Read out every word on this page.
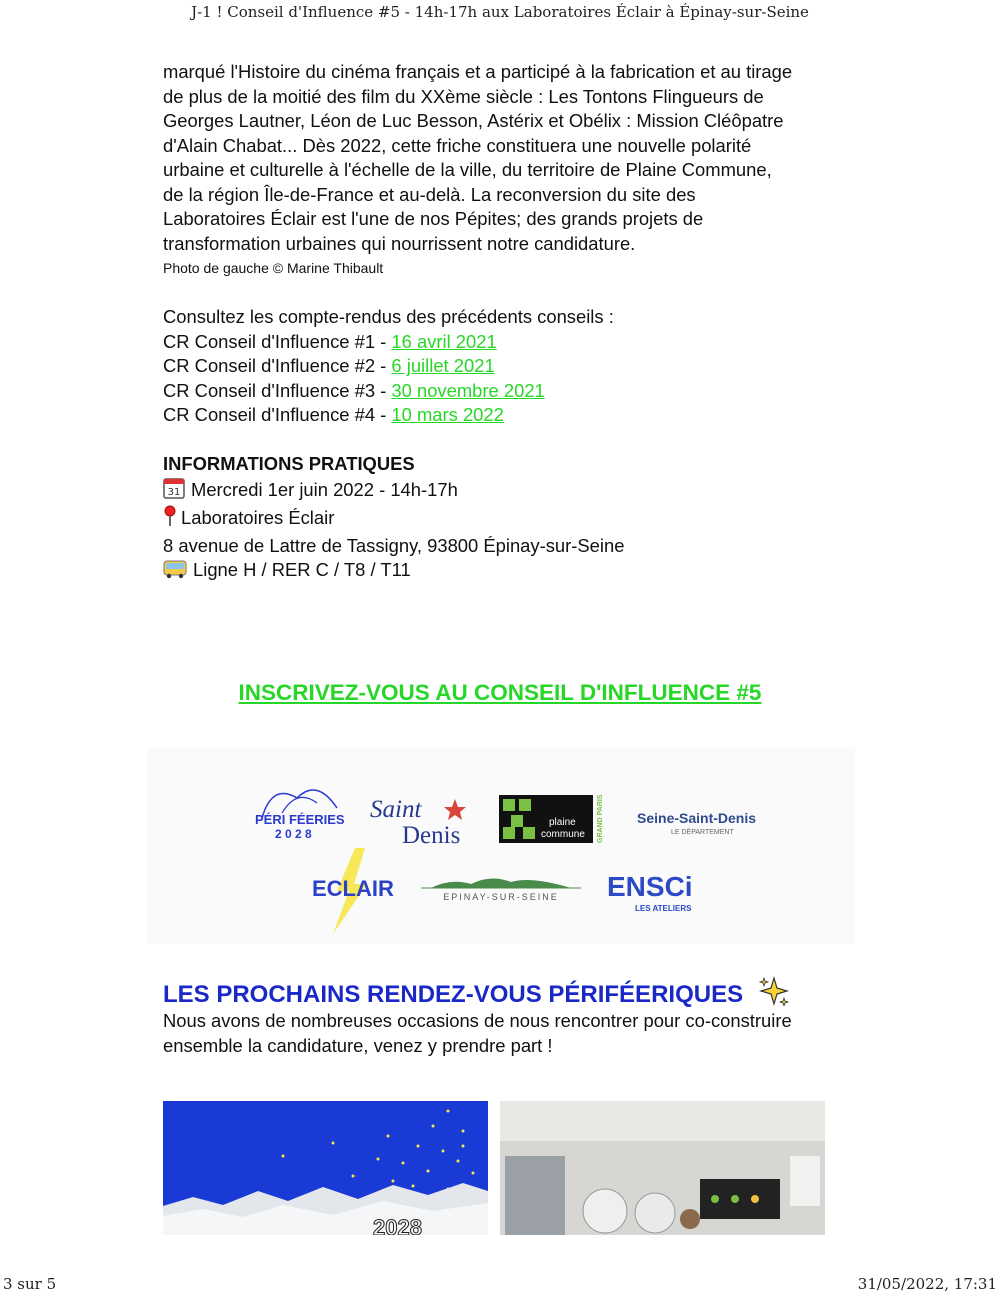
J-1 ! Conseil d'Influence #5 - 14h-17h aux Laboratoires Éclair à Épinay-sur-Seine

marqué l'Histoire du cinéma français et a participé à la fabrication et au tirage

de plus de la moitié des film du XXème siècle : Les Tontons Flingueurs de

Georges Lautner, Léon de Luc Besson, Astérix et Obélix : Mission Cléôpatre

d'Alain Chabat... Dès 2022, cette friche constituera une nouvelle polarité

urbaine et culturelle à l'échelle de la ville, du territoire de Plaine Commune,

de la région Île-de-France et au-delà. La reconversion du site des

Laboratoires Éclair est l'une de nos Pépites; des grands projets de

transformation urbaines qui nourrissent notre candidature.

Photo de gauche © Marine Thibault
Consultez les compte-rendus des précédents conseils :
CR Conseil d'Influence #1 - 16 avril 2021
CR Conseil d'Influence #2 - 6 juillet 2021
CR Conseil d'Influence #3 - 30 novembre 2021
CR Conseil d'Influence #4 - 10 mars 2022
INFORMATIONS PRATIQUES
31 Mercredi 1er juin 2022 - 14h-17h
Laboratoires Éclair
8 avenue de Lattre de Tassigny, 93800 Épinay-sur-Seine
Ligne H / RER C / T8 / T11
INSCRIVEZ-VOUS AU CONSEIL D'INFLUENCE #5
PÉRI FÉERIES
2 0 2 8
Saint
Denis	plaine
commune GRAND PARIS Seine-Saint-Denis
LE DÉPARTEMENT
ECLAIR	EPINAY-SUR-SEINE ENSCi
LES ATELIERS
LES PROCHAINS RENDEZ-VOUS PÉRIFÉERIQUES
Nous avons de nombreuses occasions de nous rencontrer pour co-construire
ensemble la candidature, venez y prendre part !
2028
3 sur 5	31/05/2022, 17:31
